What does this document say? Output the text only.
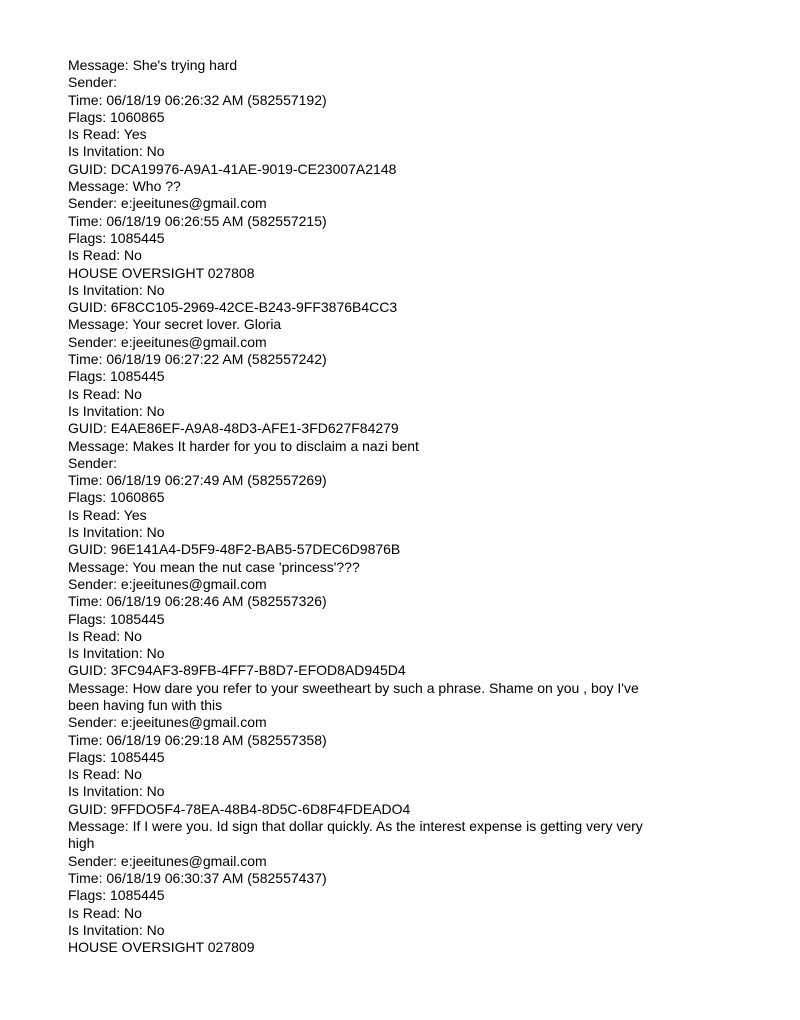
Message: She's trying hard
Sender:
Time: 06/18/19 06:26:32 AM (582557192)
Flags: 1060865
Is Read: Yes
Is Invitation: No
GUID: DCA19976-A9A1-41AE-9019-CE23007A2148
Message: Who ??
Sender: e:jeeitunes@gmail.com
Time: 06/18/19 06:26:55 AM (582557215)
Flags: 1085445
Is Read: No
HOUSE OVERSIGHT 027808
Is Invitation: No
GUID: 6F8CC105-2969-42CE-B243-9FF3876B4CC3
Message: Your secret lover. Gloria
Sender: e:jeeitunes@gmail.com
Time: 06/18/19 06:27:22 AM (582557242)
Flags: 1085445
Is Read: No
Is Invitation: No
GUID: E4AE86EF-A9A8-48D3-AFE1-3FD627F84279
Message: Makes It harder for you to disclaim a nazi bent
Sender:
Time: 06/18/19 06:27:49 AM (582557269)
Flags: 1060865
Is Read: Yes
Is Invitation: No
GUID: 96E141A4-D5F9-48F2-BAB5-57DEC6D9876B
Message: You mean the nut case 'princess'???
Sender: e:jeeitunes@gmail.com
Time: 06/18/19 06:28:46 AM (582557326)
Flags: 1085445
Is Read: No
Is Invitation: No
GUID: 3FC94AF3-89FB-4FF7-B8D7-EFOD8AD945D4
Message: How dare you refer to your sweetheart by such a phrase. Shame on you , boy I've been having fun with this
Sender: e:jeeitunes@gmail.com
Time: 06/18/19 06:29:18 AM (582557358)
Flags: 1085445
Is Read: No
Is Invitation: No
GUID: 9FFDO5F4-78EA-48B4-8D5C-6D8F4FDEADO4
Message: If I were you. Id sign that dollar quickly. As the interest expense is getting very very high
Sender: e:jeeitunes@gmail.com
Time: 06/18/19 06:30:37 AM (582557437)
Flags: 1085445
Is Read: No
Is Invitation: No
HOUSE OVERSIGHT 027809
